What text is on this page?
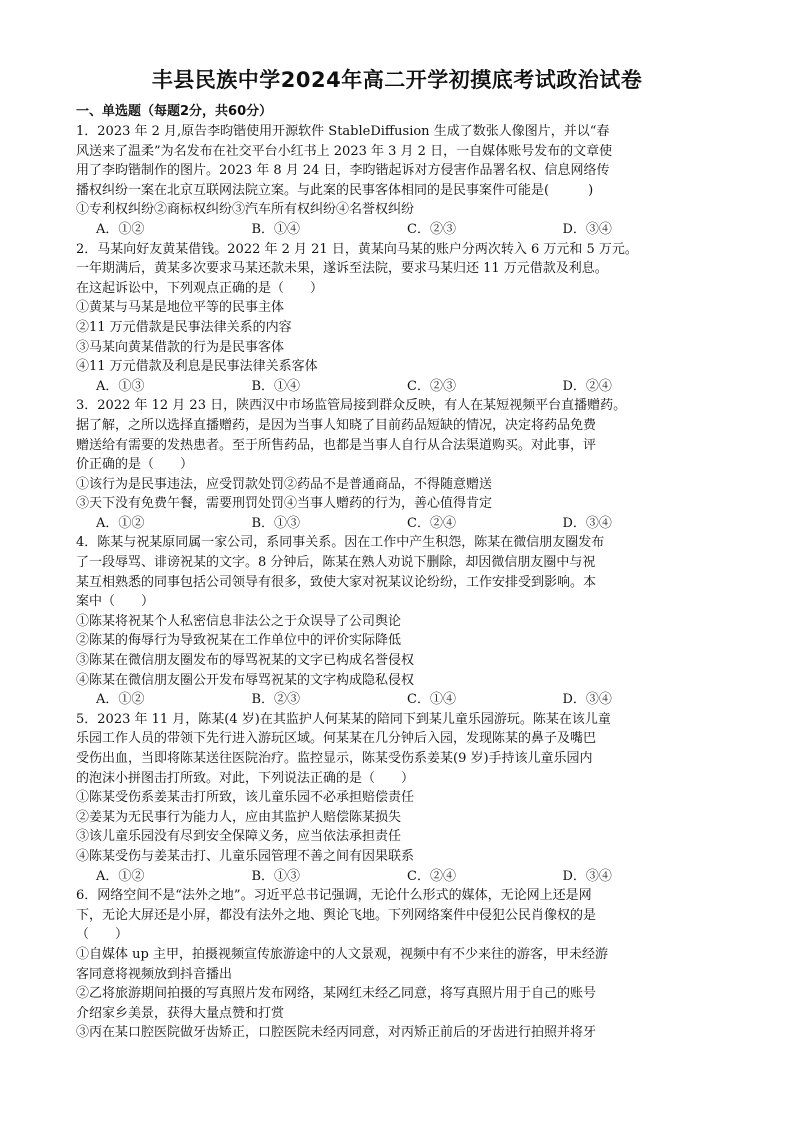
丰县民族中学2024年高二开学初摸底考试政治试卷

一、单选题（每题2分，共60分）

1．2023 年 2 月,原告李昀锴使用开源软件 StableDiffusion 生成了数张人像图片，并以“春

风送来了温柔”为名发布在社交平台小红书上 2023 年 3 月 2 日，一自媒体账号发布的文章使

用了李昀锴制作的图片。2023 年 8 月 24 日，李昀锴起诉对方侵害作品署名权、信息网络传

播权纠纷一案在北京互联网法院立案。与此案的民事客体相同的是民事案件可能是(　　　)

①专利权纠纷②商标权纠纷③汽车所有权纠纷④名誉权纠纷

A．①②	B．①④	C．②③	D．③④

2．马某向好友黄某借钱。2022 年 2 月 21 日，黄某向马某的账户分两次转入 6 万元和 5 万元。

一年期满后，黄某多次要求马某还款未果，遂诉至法院，要求马某归还 11 万元借款及利息。

在这起诉讼中，下列观点正确的是（　　）

①黄某与马某是地位平等的民事主体

②11 万元借款是民事法律关系的内容

③马某向黄某借款的行为是民事客体

④11 万元借款及利息是民事法律关系客体

A．①③	B．①④	C．②③	D．②④

3．2022 年 12 月 23 日，陕西汉中市场监管局接到群众反映，有人在某短视频平台直播赠药。

据了解，之所以选择直播赠药，是因为当事人知晓了目前药品短缺的情况，决定将药品免费

赠送给有需要的发热患者。至于所售药品，也都是当事人自行从合法渠道购买。对此事，评

价正确的是（　　）

①该行为是民事违法，应受罚款处罚②药品不是普通商品，不得随意赠送

③天下没有免费午餐，需要刑罚处罚④当事人赠药的行为，善心值得肯定

A．①②	B．①③	C．②④	D．③④

4．陈某与祝某原同属一家公司，系同事关系。因在工作中产生积怨，陈某在微信朋友圈发布

了一段辱骂、诽谤祝某的文字。8 分钟后，陈某在熟人劝说下删除，却因微信朋友圈中与祝

某互相熟悉的同事包括公司领导有很多，致使大家对祝某议论纷纷，工作安排受到影响。本

案中（　　）

①陈某将祝某个人私密信息非法公之于众误导了公司舆论

②陈某的侮辱行为导致祝某在工作单位中的评价实际降低

③陈某在微信朋友圈发布的辱骂祝某的文字已构成名誉侵权

④陈某在微信朋友圈公开发布辱骂祝某的文字构成隐私侵权

A．①②	B．②③	C．①④	D．③④

5．2023 年 11 月，陈某(4 岁)在其监护人何某某的陪同下到某儿童乐园游玩。陈某在该儿童

乐园工作人员的带领下先行进入游玩区域。何某某在几分钟后入园，发现陈某的鼻子及嘴巴

受伤出血，当即将陈某送往医院治疗。监控显示，陈某受伤系姜某(9 岁)手持该儿童乐园内

的泡沫小拼图击打所致。对此，下列说法正确的是（　　）

①陈某受伤系姜某击打所致，该儿童乐园不必承担赔偿责任

②姜某为无民事行为能力人，应由其监护人赔偿陈某损失

③该儿童乐园没有尽到安全保障义务，应当依法承担责任

④陈某受伤与姜某击打、儿童乐园管理不善之间有因果联系

A．①②	B．①③	C．②④	D．③④

6．网络空间不是“法外之地”。习近平总书记强调，无论什么形式的媒体，无论网上还是网

下，无论大屏还是小屏，都没有法外之地、舆论飞地。下列网络案件中侵犯公民肖像权的是

（　　）

①自媒体 up 主甲，拍摄视频宣传旅游途中的人文景观，视频中有不少来往的游客，甲未经游

客同意将视频放到抖音播出

②乙将旅游期间拍摄的写真照片发布网络，某网红未经乙同意，将写真照片用于自己的账号

介绍家乡美景，获得大量点赞和打赏

③丙在某口腔医院做牙齿矫正，口腔医院未经丙同意，对丙矫正前后的牙齿进行拍照并将牙
